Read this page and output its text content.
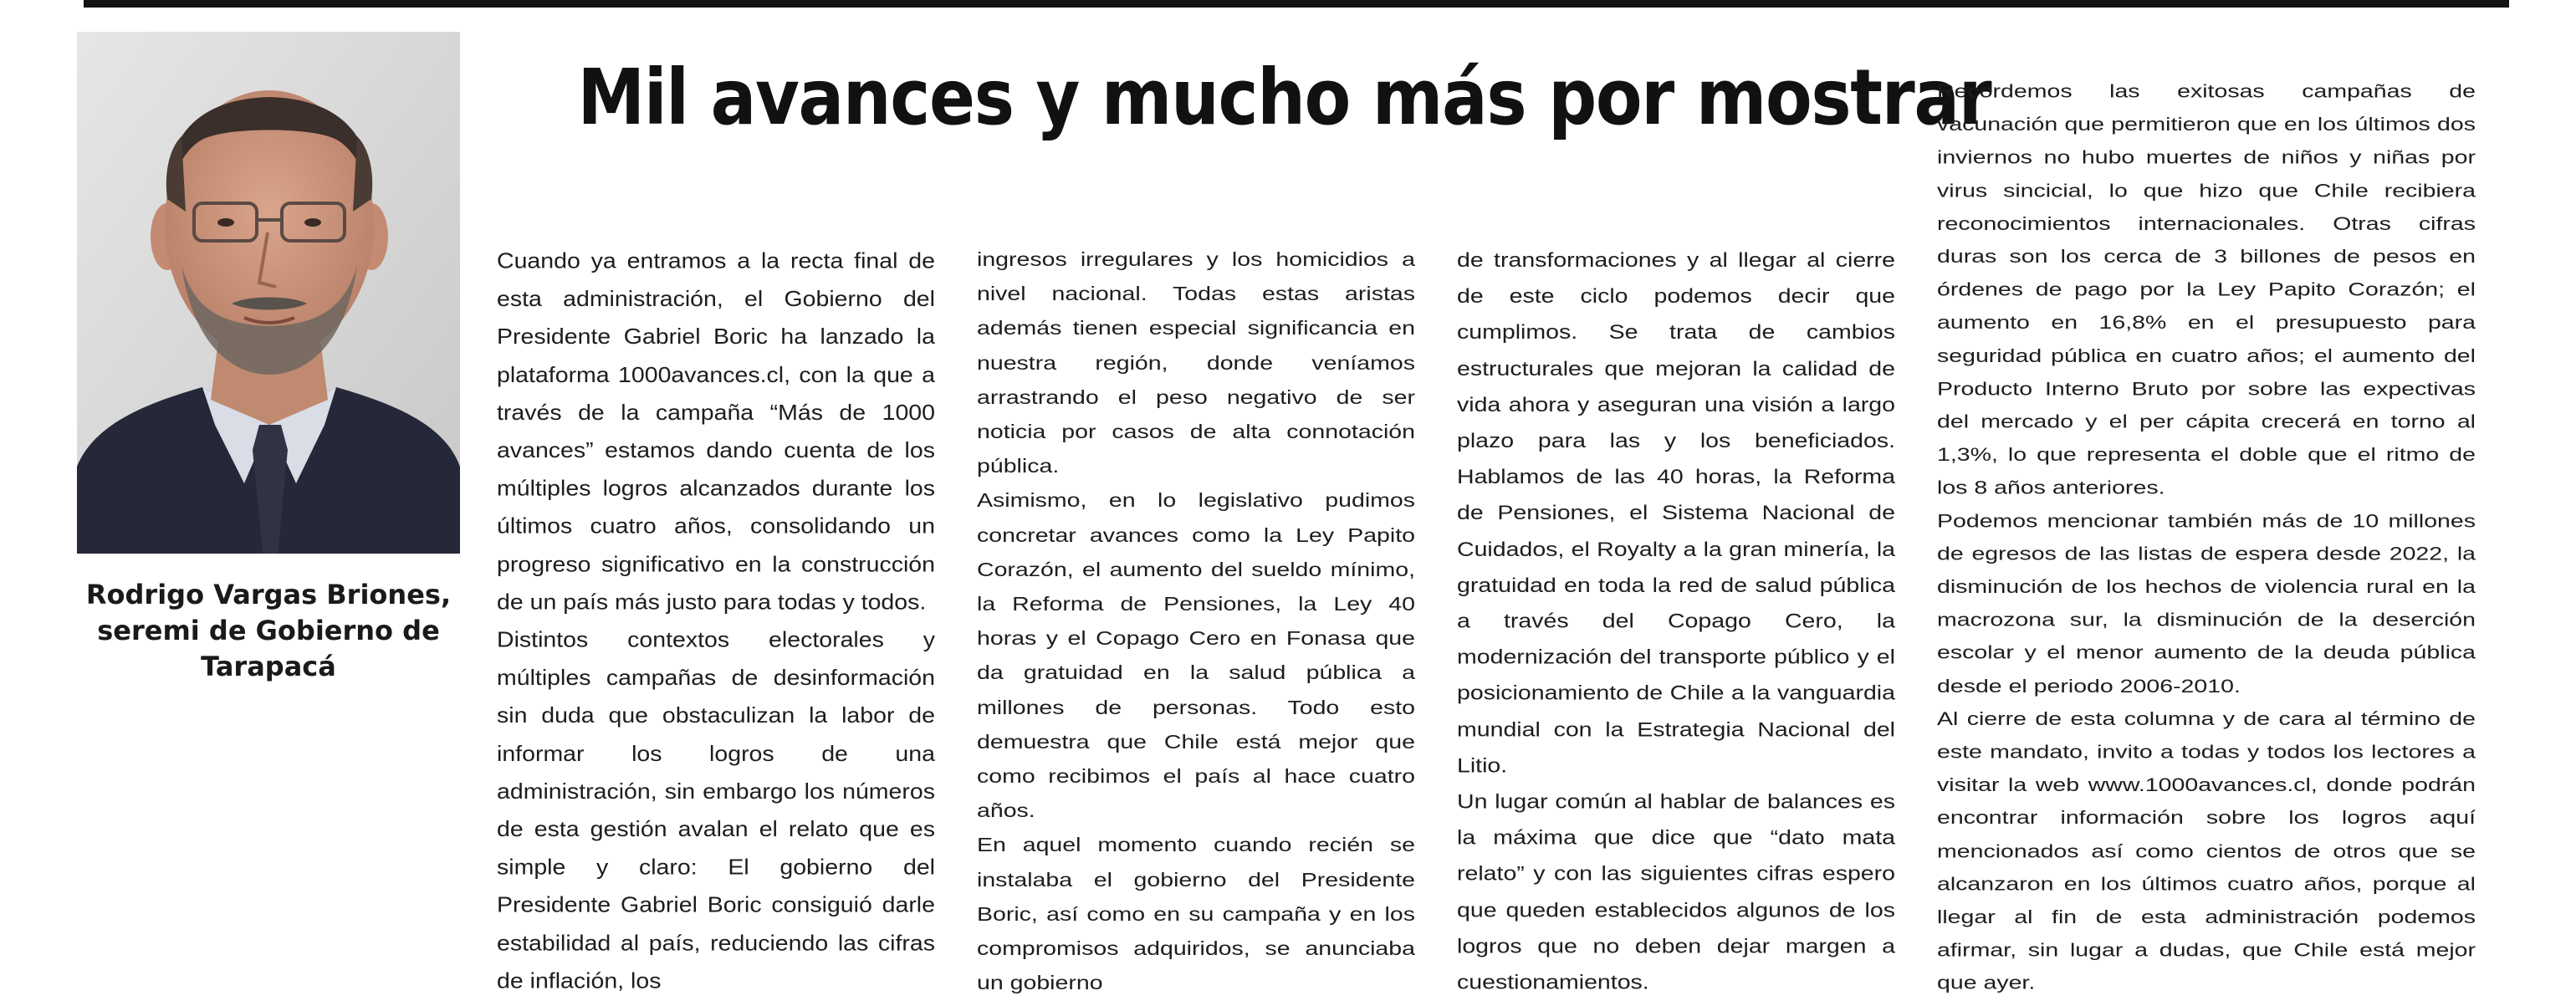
Rodrigo Vargas Briones,
seremi de Gobierno de
Tarapacá
Mil avances y mucho más por mostrar

Cuando ya entramos a la recta final de esta administración, el Gobierno del Presidente Gabriel Boric ha lanzado la plataforma 1000avances.cl, con la que a través de la campaña “Más de 1000 avances” estamos dando cuenta de los múltiples logros alcanzados durante los últimos cuatro años, consolidando un progreso significativo en la construcción de un país más justo para todas y todos.

Distintos contextos electorales y múltiples campañas de desinformación sin duda que obstaculizan la labor de informar los logros de una administración, sin embargo los números de esta gestión avalan el relato que es simple y claro: El gobierno del Presidente Gabriel Boric consiguió darle estabilidad al país, reduciendo las cifras de inflación, los

ingresos irregulares y los homicidios a nivel nacional. Todas estas aristas además tienen especial significancia en nuestra región, donde veníamos arrastrando el peso negativo de ser noticia por casos de alta connotación pública.

Asimismo, en lo legislativo pudimos concretar avances como la Ley Papito Corazón, el aumento del sueldo mínimo, la Reforma de Pensiones, la Ley 40 horas y el Copago Cero en Fonasa que da gratuidad en la salud pública a millones de personas. Todo esto demuestra que Chile está mejor que como recibimos el país al hace cuatro años.

En aquel momento cuando recién se instalaba el gobierno del Presidente Boric, así como en su campaña y en los compromisos adquiridos, se anunciaba un gobierno

de transformaciones y al llegar al cierre de este ciclo podemos decir que cumplimos. Se trata de cambios estructurales que mejoran la calidad de vida ahora y aseguran una visión a largo plazo para las y los beneficiados. Hablamos de las 40 horas, la Reforma de Pensiones, el Sistema Nacional de Cuidados, el Royalty a la gran minería, la gratuidad en toda la red de salud pública a través del Copago Cero, la modernización del transporte público y el posicionamiento de Chile a la vanguardia mundial con la Estrategia Nacional del Litio.

Un lugar común al hablar de balances es la máxima que dice que “dato mata relato” y con las siguientes cifras espero que queden establecidos algunos de los logros que no deben dejar margen a cuestionamientos.

Recordemos las exitosas campañas de vacunación que permitieron que en los últimos dos inviernos no hubo muertes de niños y niñas por virus sincicial, lo que hizo que Chile recibiera reconocimientos internacionales. Otras cifras duras son los cerca de 3 billones de pesos en órdenes de pago por la Ley Papito Corazón; el aumento en 16,8% en el presupuesto para seguridad pública en cuatro años; el aumento del Producto Interno Bruto por sobre las expectivas del mercado y el per cápita crecerá en torno al 1,3%, lo que representa el doble que el ritmo de los 8 años anteriores.

Podemos mencionar también más de 10 millones de egresos de las listas de espera desde 2022, la disminución de los hechos de violencia rural en la macrozona sur, la disminución de la deserción escolar y el menor aumento de la deuda pública desde el periodo 2006-2010.

Al cierre de esta columna y de cara al término de este mandato, invito a todas y todos los lectores a visitar la web www.1000avances.cl, donde podrán encontrar información sobre los logros aquí mencionados así como cientos de otros que se alcanzaron en los últimos cuatro años, porque al llegar al fin de esta administración podemos afirmar, sin lugar a dudas, que Chile está mejor que ayer.
